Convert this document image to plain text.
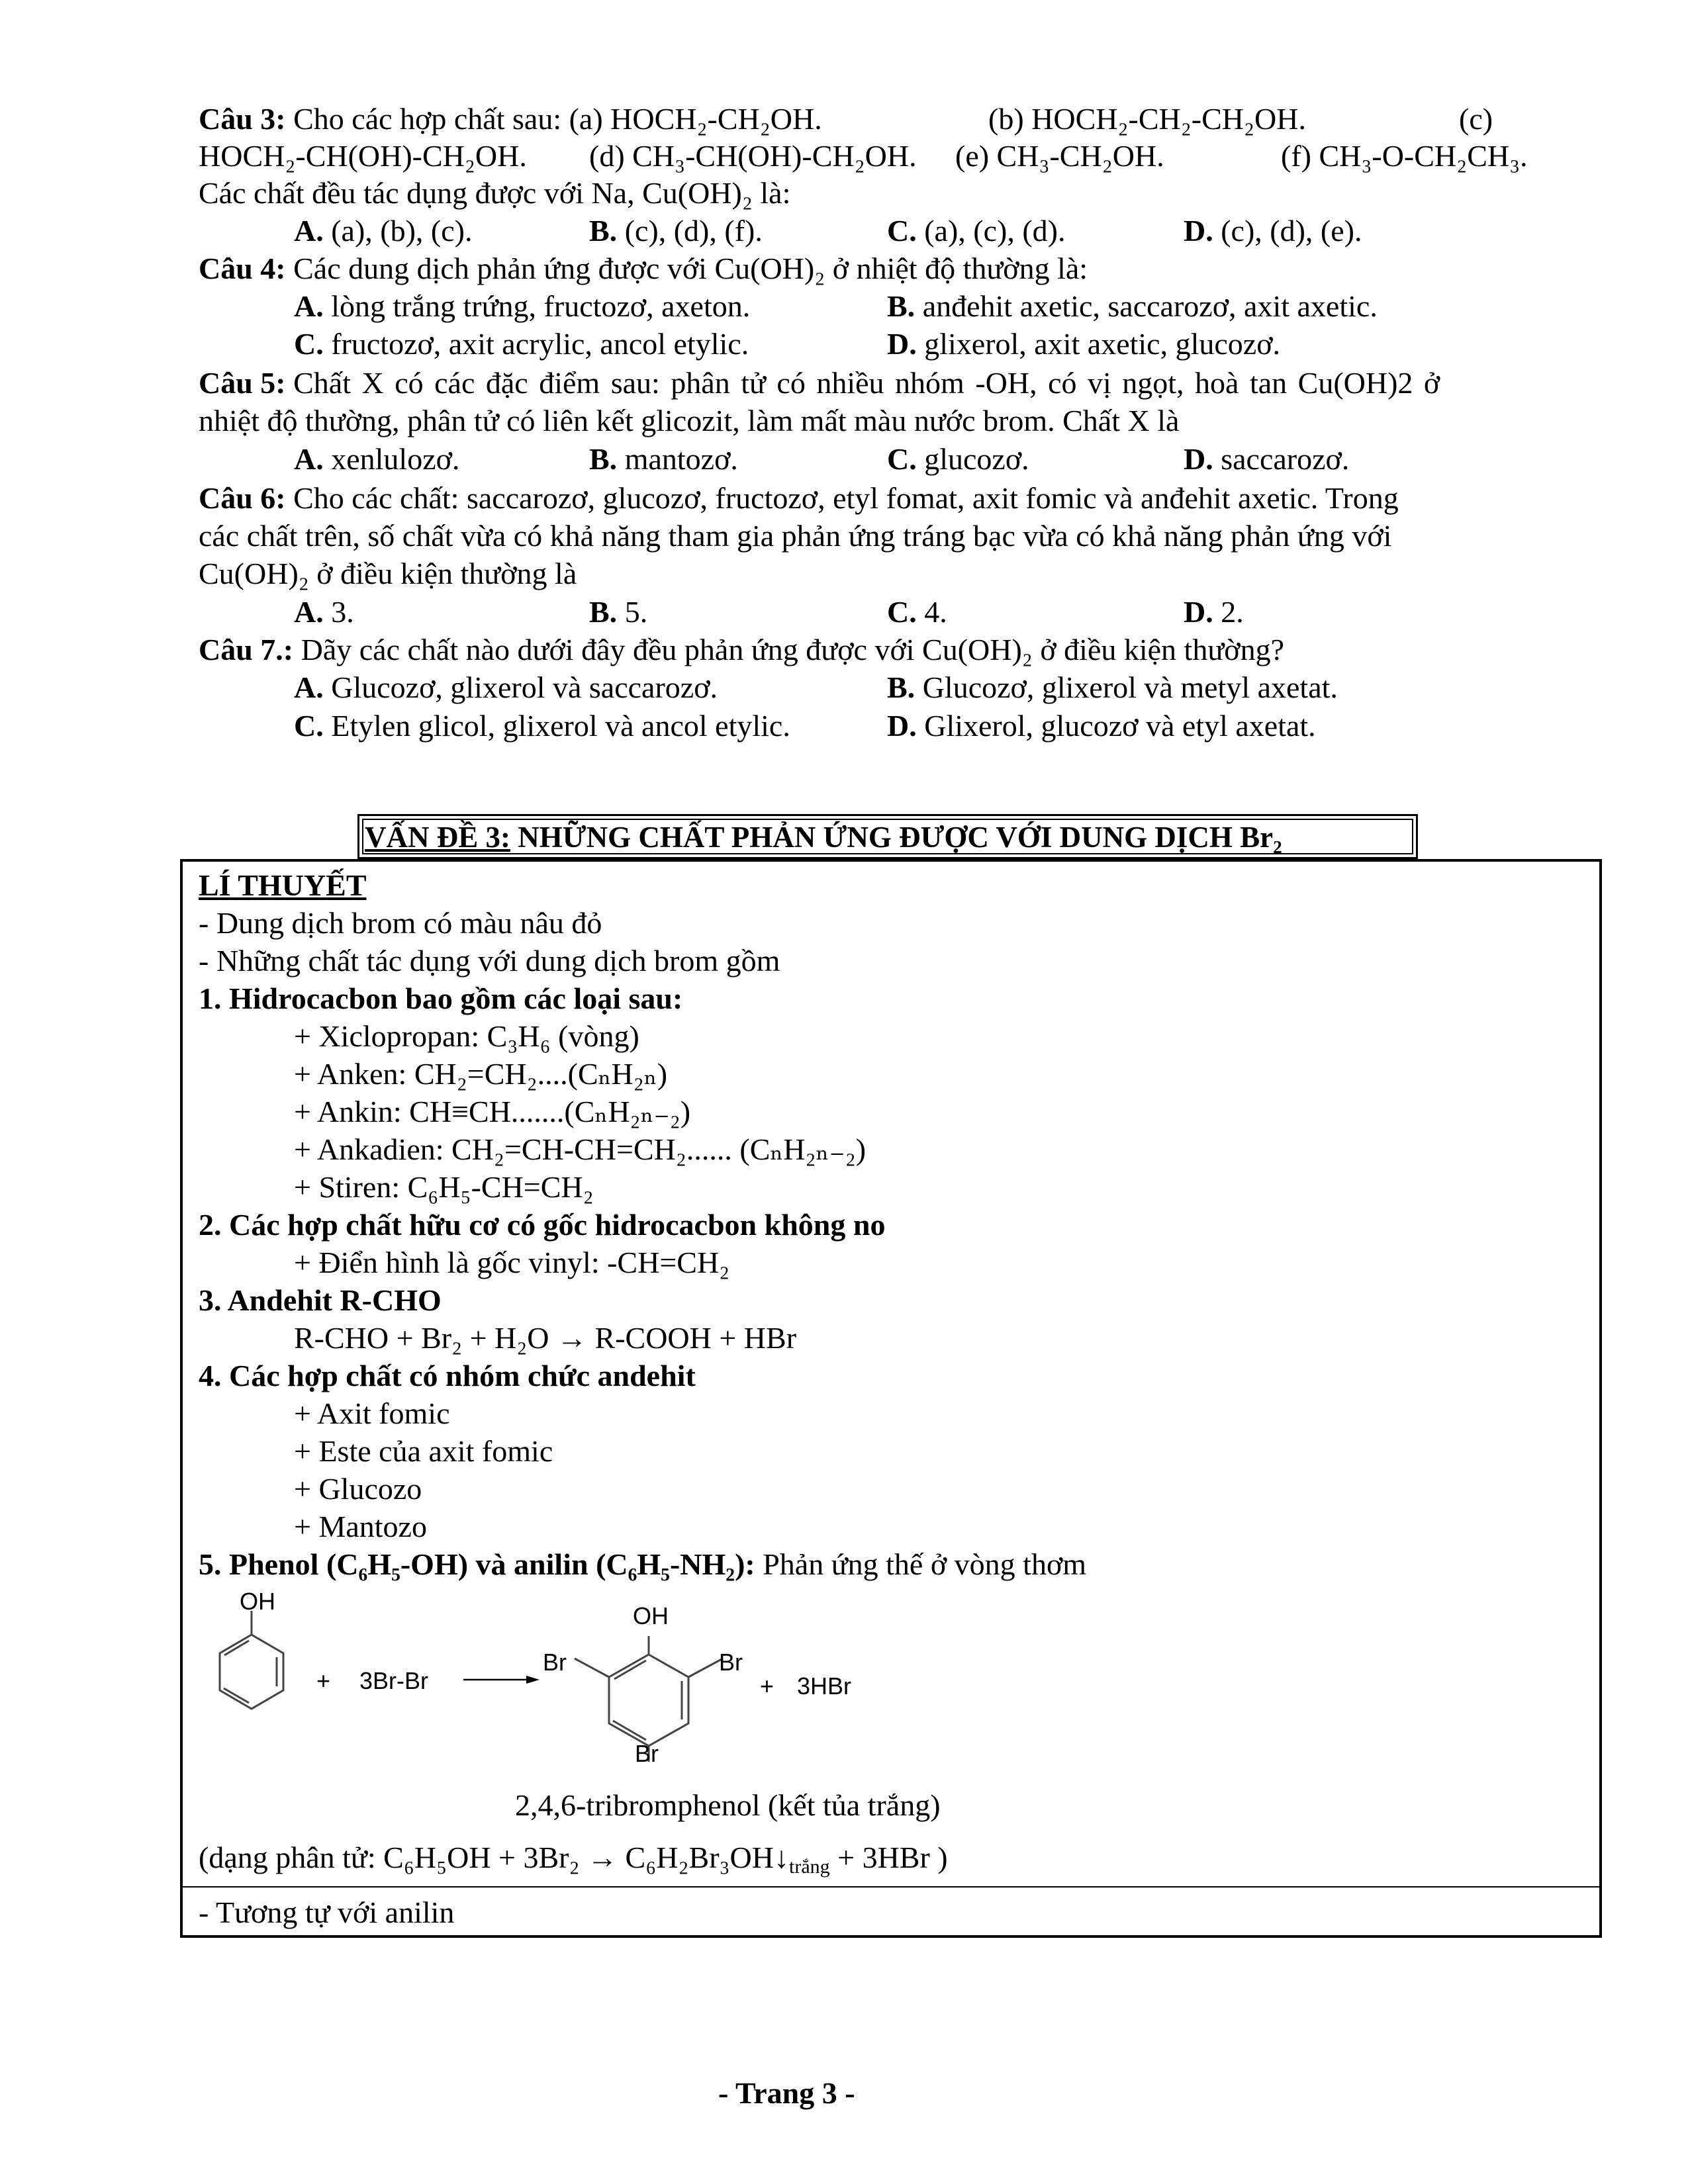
Câu 3: Cho các hợp chất sau: (a) HOCH₂-CH₂OH.	(b) HOCH₂-CH₂-CH₂OH.	(c)
HOCH₂-CH(OH)-CH₂OH. (d) CH₃-CH(OH)-CH₂OH. (e) CH₃-CH₂OH.	(f) CH₃-O-CH₂CH₃.
Các chất đều tác dụng được với Na, Cu(OH)₂ là:
A. (a), (b), (c).	B. (c), (d), (f).	C. (a), (c), (d).	D. (c), (d), (e).
Câu 4: Các dung dịch phản ứng được với Cu(OH)₂ ở nhiệt độ thường là:
A. lòng trắng trứng, fructozơ, axeton.	B. anđehit axetic, saccarozơ, axit axetic.
C. fructozơ, axit acrylic, ancol etylic.	D. glixerol, axit axetic, glucozơ.
Câu 5: Chất X có các đặc điểm sau: phân tử có nhiều nhóm -OH, có vị ngọt, hoà tan Cu(OH)2 ở
nhiệt độ thường, phân tử có liên kết glicozit, làm mất màu nước brom. Chất X là
A. xenlulozơ.	B. mantozơ.	C. glucozơ.	D. saccarozơ.
Câu 6: Cho các chất: saccarozơ, glucozơ, fructozơ, etyl fomat, axit fomic và anđehit axetic. Trong
các chất trên, số chất vừa có khả năng tham gia phản ứng tráng bạc vừa có khả năng phản ứng với
Cu(OH)₂ ở điều kiện thường là
A. 3.	B. 5.	C. 4.	D. 2.
Câu 7.: Dãy các chất nào dưới đây đều phản ứng được với Cu(OH)₂ ở điều kiện thường?
A. Glucozơ, glixerol và saccarozơ.	B. Glucozơ, glixerol và metyl axetat.
C. Etylen glicol, glixerol và ancol etylic.	D. Glixerol, glucozơ và etyl axetat.
VẤN ĐỀ 3: NHỮNG CHẤT PHẢN ỨNG ĐƯỢC VỚI DUNG DỊCH Br₂
LÍ THUYẾT
- Dung dịch brom có màu nâu đỏ
- Những chất tác dụng với dung dịch brom gồm
1. Hidrocacbon bao gồm các loại sau:
+ Xiclopropan: C₃H₆ (vòng)
+ Anken: CH₂=CH₂....(CₙH₂ₙ)
+ Ankin: CH≡CH.......(CₙH₂ₙ₋₂)
+ Ankadien: CH₂=CH-CH=CH₂...... (CₙH₂ₙ₋₂)
+ Stiren: C₆H₅-CH=CH₂
2. Các hợp chất hữu cơ có gốc hidrocacbon không no
+ Điển hình là gốc vinyl: -CH=CH₂
3. Andehit R-CHO
R-CHO + Br₂ + H₂O → R-COOH + HBr
4. Các hợp chất có nhóm chức andehit
+ Axit fomic
+ Este của axit fomic
+ Glucozo
+ Mantozo
5. Phenol (C₆H₅-OH) và anilin (C₆H₅-NH₂): Phản ứng thế ở vòng thơm
OH
+ 3Br-Br
OH
Br	Br
Br
+ 3HBr
2,4,6-tribromphenol (kết tủa trắng)
(dạng phân tử: $C_6H_5OH + 3Br_2 \to C_6H_2Br_3OH↓_{trắng} + 3HBr$ )
- Tương tự với anilin
- Trang 3 -
